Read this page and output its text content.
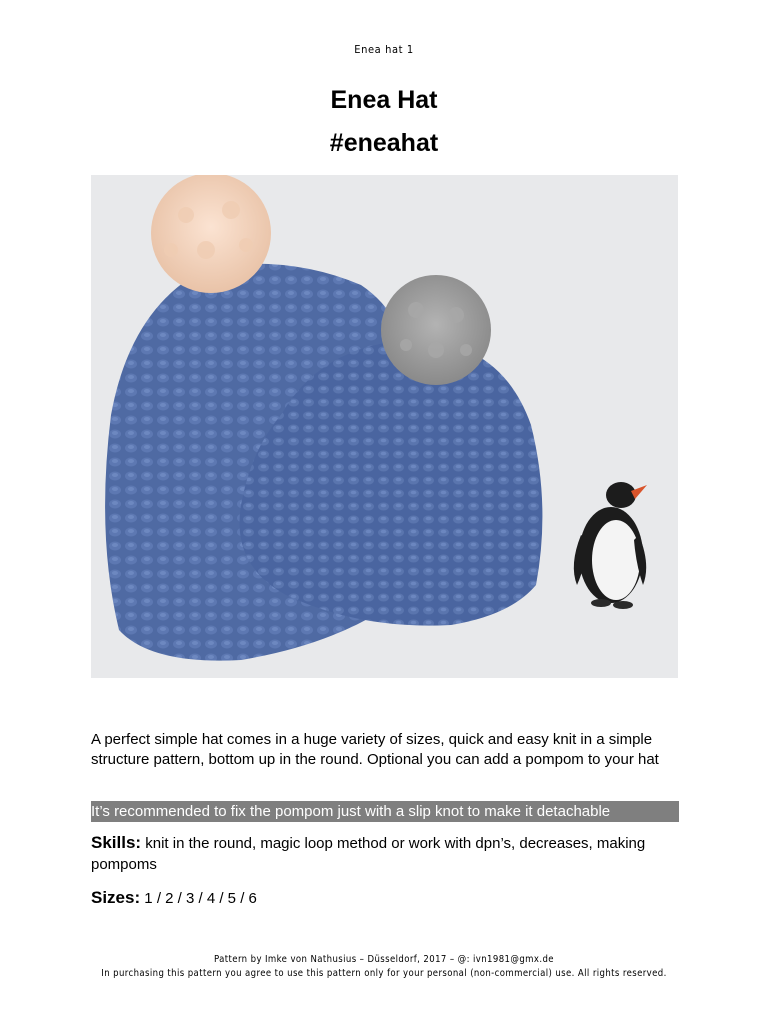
Enea hat 1
Enea Hat
#eneahat
A perfect simple hat comes in a huge variety of sizes, quick and easy knit in a simple structure pattern, bottom up in the round. Optional you can add a pompom to your hat
It’s recommended to fix the pompom just with a slip knot to make it detachable
Skills: knit in the round, magic loop method or work with dpn’s, decreases, making pompoms
Sizes: 1 / 2 / 3 / 4 / 5 / 6
Pattern by Imke von Nathusius – Düsseldorf, 2017 – @: ivn1981@gmx.de
In purchasing this pattern you agree to use this pattern only for your personal (non-commercial) use. All rights reserved.
